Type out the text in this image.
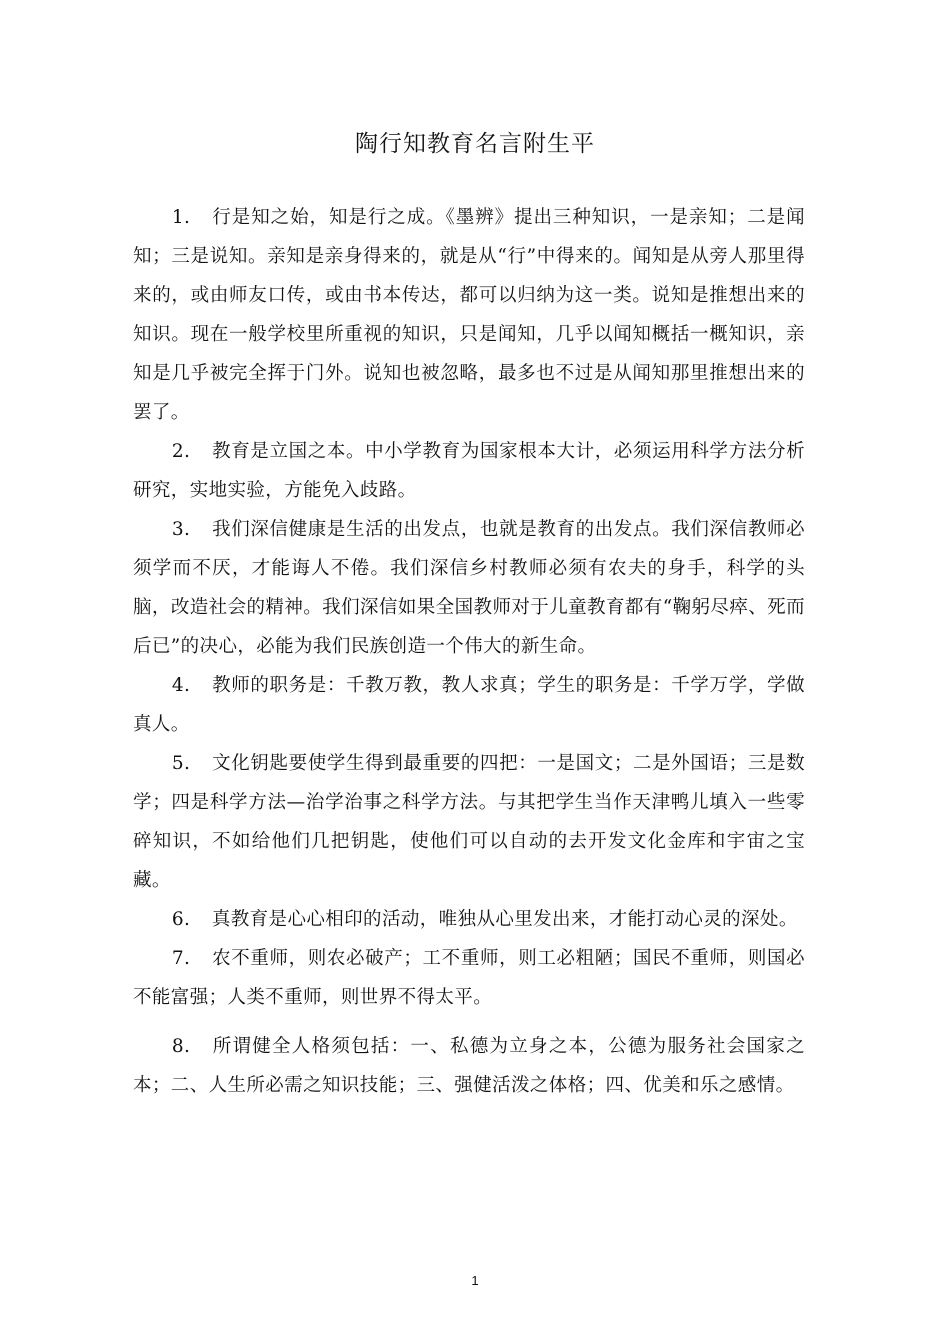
陶行知教育名言附生平

1. 行是知之始，知是行之成。《墨辨》提出三种知识，一是亲知；二是闻知；三是说知。亲知是亲身得来的，就是从“行”中得来的。闻知是从旁人那里得来的，或由师友口传，或由书本传达，都可以归纳为这一类。说知是推想出来的知识。现在一般学校里所重视的知识，只是闻知，几乎以闻知概括一概知识，亲知是几乎被完全挥于门外。说知也被忽略，最多也不过是从闻知那里推想出来的罢了。

2. 教育是立国之本。中小学教育为国家根本大计，必须运用科学方法分析研究，实地实验，方能免入歧路。

3. 我们深信健康是生活的出发点，也就是教育的出发点。我们深信教师必须学而不厌，才能诲人不倦。我们深信乡村教师必须有农夫的身手，科学的头脑，改造社会的精神。我们深信如果全国教师对于儿童教育都有“鞠躬尽瘁、死而后已”的决心，必能为我们民族创造一个伟大的新生命。

4. 教师的职务是：千教万教，教人求真；学生的职务是：千学万学，学做真人。

5. 文化钥匙要使学生得到最重要的四把：一是国文；二是外国语；三是数学；四是科学方法—治学治事之科学方法。与其把学生当作天津鸭儿填入一些零碎知识，不如给他们几把钥匙，使他们可以自动的去开发文化金库和宇宙之宝藏。

6. 真教育是心心相印的活动，唯独从心里发出来，才能打动心灵的深处。

7. 农不重师，则农必破产；工不重师，则工必粗陋；国民不重师，则国必不能富强；人类不重师，则世界不得太平。

8. 所谓健全人格须包括：一、私德为立身之本，公德为服务社会国家之本；二、人生所必需之知识技能；三、强健活泼之体格；四、优美和乐之感情。

1
